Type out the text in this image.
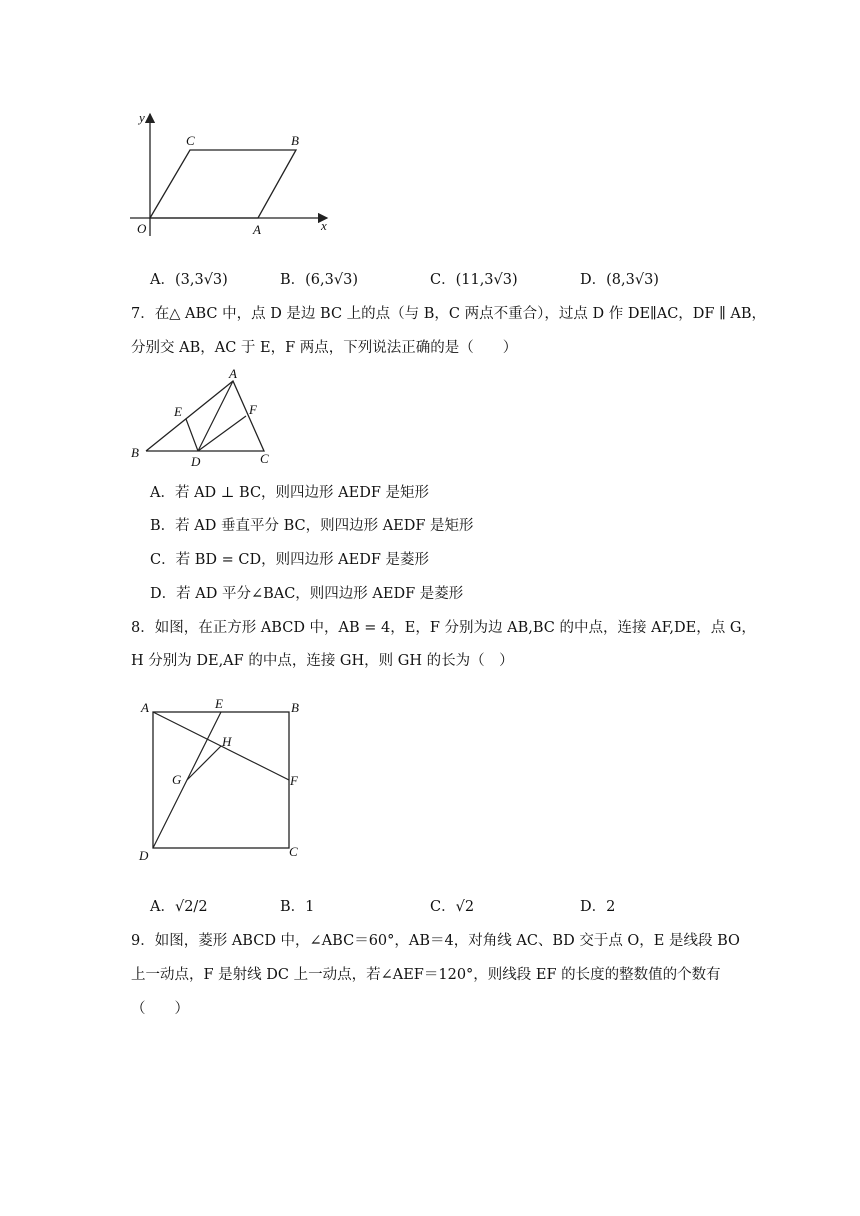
y
x
O	A
B
C
A．(3,3√3)	B．(6,3√3)	C．(11,3√3)	D．(8,3√3)
7．在△ ABC 中，点 D 是边 BC 上的点（与 B，C 两点不重合），过点 D 作 DE∥AC，DF ∥ AB，
分别交 AB，AC 于 E，F 两点，下列说法正确的是（　　）
A
B	C
D
E	F
A．若 AD ⊥ BC，则四边形 AEDF 是矩形
B．若 AD 垂直平分 BC，则四边形 AEDF 是矩形
C．若 BD = CD，则四边形 AEDF 是菱形
D．若 AD 平分∠BAC，则四边形 AEDF 是菱形
8．如图，在正方形 ABCD 中，AB = 4，E，F 分别为边 AB,BC 的中点，连接 AF,DE，点 G，
H 分别为 DE,AF 的中点，连接 GH，则 GH 的长为（　）
A	B
C
D
E
F
G
H
A．√2/2	B．1	C．√2	D．2
9．如图，菱形 ABCD 中，∠ABC＝60°，AB＝4，对角线 AC、BD 交于点 O，E 是线段 BO
上一动点，F 是射线 DC 上一动点，若∠AEF＝120°，则线段 EF 的长度的整数值的个数有
（　　）
